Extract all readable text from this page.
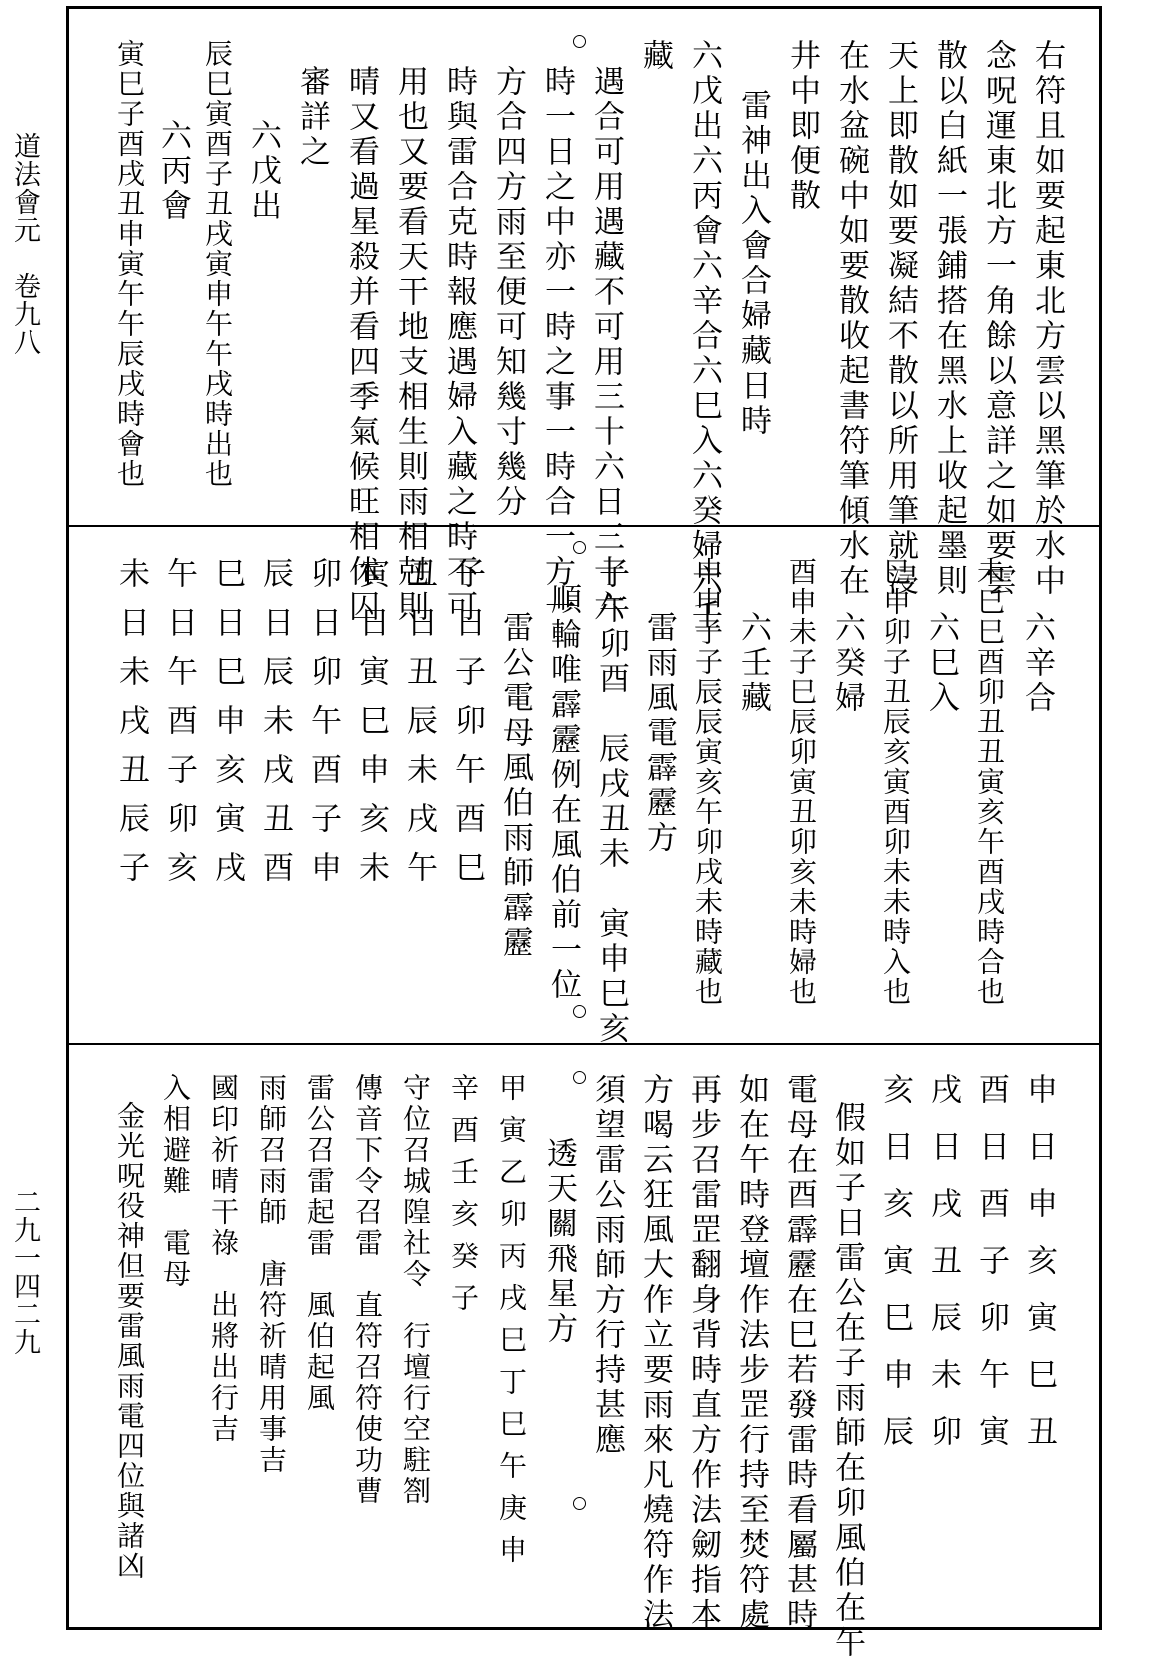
道法會元　卷九八
二九一四二九
右符且如要起東北方雲以黑筆於水中
念呪運東北方一角餘以意詳之如要雲
散以白紙一張鋪搭在黑水上收起墨則
天上即散如要凝結不散以所用筆就浸
在水盆碗中如要散收起書符筆傾水在
井中即便散
雷神出入會合婦藏日時
六戊出六丙會六辛合六巳入六癸婦六壬
藏
遇合可用遇藏不可用三十六日三十六
時一日之中亦一時之事一時合一方一
方合四方雨至便可知幾寸幾分
時與雷合克時報應遇婦入藏之時不可
用也又要看天干地支相生則雨相尅則
晴又看過星殺并看四季氣候旺相休囚
審詳之
六戊出
辰巳寅酉子丑戌寅申午午戌時出也
六丙會
寅巳子酉戌丑申寅午午辰戌時會也
六辛合
未巳巳酉卯丑丑寅亥午酉戌時合也
六巳入
巳申卯子丑辰亥寅酉卯未未時入也
六癸婦
酉申未子巳辰卯寅丑卯亥未時婦也
六壬藏
申申子子辰辰寅亥午卯戌未時藏也
雷雨風電霹靂方
子午卯酉　辰戌丑未　寅申巳亥
順輪唯霹靂例在風伯前一位
雷公電母風伯雨師霹靂
子日子卯午酉巳
丑日丑辰未戌午
寅日寅巳申亥未
卯日卯午酉子申
辰日辰未戌丑酉
巳日巳申亥寅戌
午日午酉子卯亥
未日未戌丑辰子
申日申亥寅巳丑
酉日酉子卯午寅
戌日戌丑辰未卯
亥日亥寅巳申辰
假如子日雷公在子雨師在卯風伯在午
電母在酉霹靂在巳若發雷時看屬甚時
如在午時登壇作法步罡行持至焚符處
再步召雷罡翻身背時直方作法劒指本
方喝云狂風大作立要雨來凡燒符作法
須望雷公雨師方行持甚應
透天關飛星方
甲寅乙卯丙戌巳丁巳午庚申
辛酉壬亥癸子
守位召城隍社令　行壇行空駐劄
傳音下令召雷　直符召符使功曹
雷公召雷起雷　風伯起風
雨師召雨師　唐符祈晴用事吉
國印祈晴干祿　出將出行吉
入相避難　電母
金光呪役神但要雷風雨電四位與諸凶
